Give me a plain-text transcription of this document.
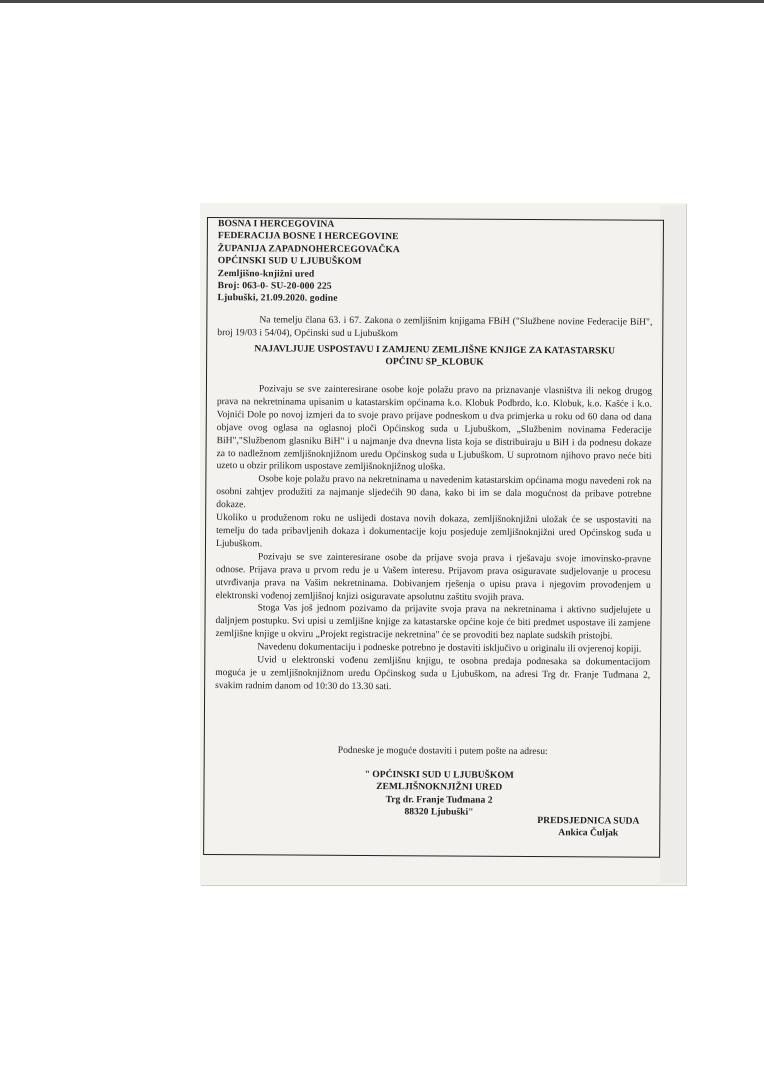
BOSNA I HERCEGOVINA
FEDERACIJA BOSNE I HERCEGOVINE
ŽUPANIJA ZAPADNOHERCEGOVAČKA
OPĆINSKI SUD U LJUBUŠKOM
Zemljišno-knjižni ured
Broj: 063-0- SU-20-000 225
Ljubuški, 21.09.2020. godine

Na temelju člana 63. i 67. Zakona o zemljišnim knjigama FBiH ("Službene novine Federacije BiH", broj 19/03 i 54/04), Općinski sud u Ljubuškom

NAJAVLJUJE USPOSTAVU I ZAMJENU ZEMLJIŠNE KNJIGE ZA KATASTARSKU
OPĆINU SP_KLOBUK

Pozivaju se sve zainteresirane osobe koje polažu pravo na priznavanje vlasništva ili nekog drugog prava na nekretninama upisanim u katastarskim općinama k.o. Klobuk Podbrdo, k.o. Klobuk, k.o. Kašće i k.o. Vojnići Dole po novoj izmjeri da to svoje pravo prijave podneskom u dva primjerka u roku od 60 dana od dana objave ovog oglasa na oglasnoj ploči Općinskog suda u Ljubuškom, „Službenim novinama Federacije BiH","Službenom glasniku BiH" i u najmanje dva dnevna lista koja se distribuiraju u BiH i da podnesu dokaze za to nadležnom zemljišnoknjižnom uredu Općinskog suda u Ljubuškom. U suprotnom njihovo pravo neće biti uzeto u obzir prilikom uspostave zemljišnoknjižnog uloška.

Osobe koje polažu pravo na nekretninama u navedenim katastarskim općinama mogu navedeni rok na osobni zahtjev produžiti za najmanje sljedećih 90 dana, kako bi im se dala mogućnost da pribave potrebne dokaze.

Ukoliko u produženom roku ne uslijedi dostava novih dokaza, zemljišnoknjižni uložak će se uspostaviti na temelju do tada pribavljenih dokaza i dokumentacije koju posjeduje zemljišnoknjižni ured Općinskog suda u Ljubuškom.

Pozivaju se sve zainteresirane osobe da prijave svoja prava i rješavaju svoje imovinsko-pravne odnose. Prijava prava u prvom redu je u Vašem interesu. Prijavom prava osiguravate sudjelovanje u procesu utvrđivanja prava na Vašim nekretninama. Dobivanjem rješenja o upisu prava i njegovim provođenjem u elektronski vođenoj zemljišnoj knjizi osiguravate apsolutnu zaštitu svojih prava.

Stoga Vas još jednom pozivamo da prijavite svoja prava na nekretninama i aktivno sudjelujete u daljnjem postupku. Svi upisi u zemljišne knjige za katastarske općine koje će biti predmet uspostave ili zamjene zemljišne knjige u okviru „Projekt registracije nekretnina" će se provoditi bez naplate sudskih pristojbi.

Navedenu dokumentaciju i podneske potrebno je dostaviti isključivo u originalu ili ovjerenoj kopiji.

Uvid u elektronski vođenu zemljišnu knjigu, te osobna predaja podnesaka sa dokumentacijom moguća je u zemljišnoknjižnom uredu Općinskog suda u Ljubuškom, na adresi Trg dr. Franje Tuđmana 2, svakim radnim danom od 10:30 do 13.30 sati.

Podneske je moguće dostaviti i putem pošte na adresu:
" OPĆINSKI SUD U LJUBUŠKOM
ZEMLJIŠNOKNJIŽNI URED
Trg dr. Franje Tuđmana 2
88320 Ljubuški"
PREDSJEDNICA SUDA
Ankica Čuljak
